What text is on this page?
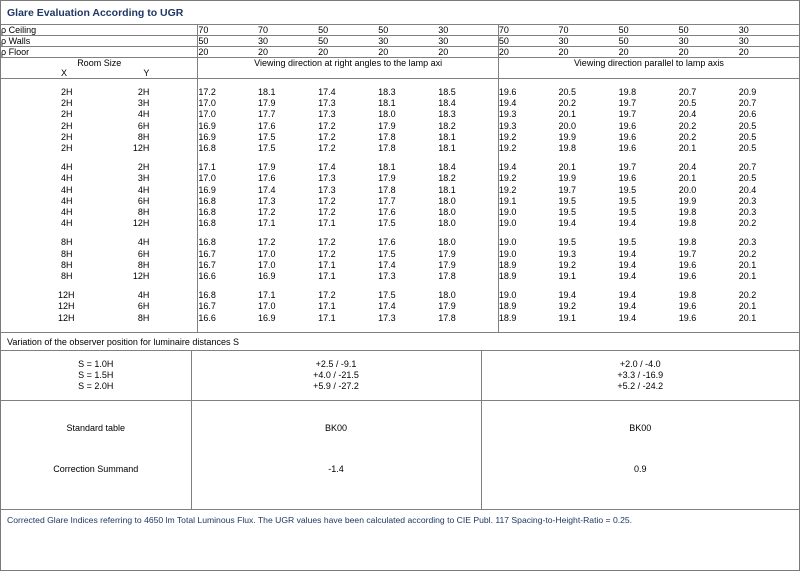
Glare Evaluation According to UGR
ρ Ceiling	70	70	50	50	30	70	70	50	50	30

ρ Walls	50	30	50	30	30	50	30	50	30	30

ρ Floor	20	20	20	20	20	20	20	20	20	20

Room Size	Viewing direction at right angles to the lamp axi					Viewing direction parallel to lamp axis				

X Y										

2H 2H	17.2	18.1	17.4	18.3	18.5	19.6	20.5	19.8	20.7	20.9

2H 3H	17.0	17.9	17.3	18.1	18.4	19.4	20.2	19.7	20.5	20.7

2H 4H	17.0	17.7	17.3	18.0	18.3	19.3	20.1	19.7	20.4	20.6

2H 6H	16.9	17.6	17.2	17.9	18.2	19.3	20.0	19.6	20.2	20.5

2H 8H	16.9	17.5	17.2	17.8	18.1	19.2	19.9	19.6	20.2	20.5

2H 12H	16.8	17.5	17.2	17.8	18.1	19.2	19.8	19.6	20.1	20.5

4H 2H	17.1	17.9	17.4	18.1	18.4	19.4	20.1	19.7	20.4	20.7

4H 3H	17.0	17.6	17.3	17.9	18.2	19.2	19.9	19.6	20.1	20.5

4H 4H	16.9	17.4	17.3	17.8	18.1	19.2	19.7	19.5	20.0	20.4

4H 6H	16.8	17.3	17.2	17.7	18.0	19.1	19.5	19.5	19.9	20.3

4H 8H	16.8	17.2	17.2	17.6	18.0	19.0	19.5	19.5	19.8	20.3

4H 12H	16.8	17.1	17.1	17.5	18.0	19.0	19.4	19.4	19.8	20.2

8H 4H	16.8	17.2	17.2	17.6	18.0	19.0	19.5	19.5	19.8	20.3

8H 6H	16.7	17.0	17.2	17.5	17.9	19.0	19.3	19.4	19.7	20.2

8H 8H	16.7	17.0	17.1	17.4	17.9	18.9	19.2	19.4	19.6	20.1

8H 12H	16.6	16.9	17.1	17.3	17.8	18.9	19.1	19.4	19.6	20.1

12H 4H	16.8	17.1	17.2	17.5	18.0	19.0	19.4	19.4	19.8	20.2

12H 6H	16.7	17.0	17.1	17.4	17.9	18.9	19.2	19.4	19.6	20.1

12H 8H	16.6	16.9	17.1	17.3	17.8	18.9	19.1	19.4	19.6	20.1

Variation of the observer position for luminaire distances S

S = 1.0H	+2.5 / -9.1	+2.0 / -4.0
S = 1.5H	+4.0 / -21.5	+3.3 / -16.9
S = 2.0H	+5.9 / -27.2	+5.2 / -24.2

Standard table	BK00	BK00

Correction Summand	-1.4	0.9

Corrected Glare Indices referring to 4650 lm Total Luminous Flux. The UGR values have been calculated according to CIE Publ. 117 Spacing-to-Height-Ratio = 0.25.
